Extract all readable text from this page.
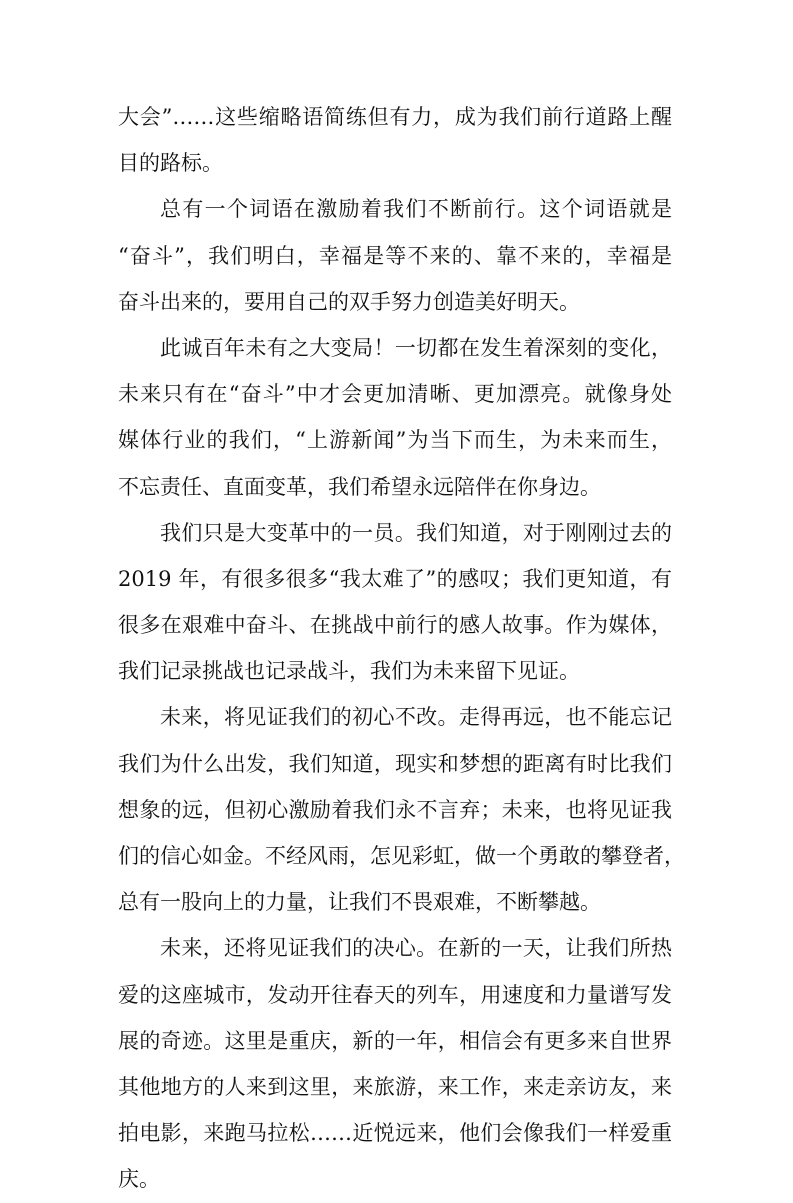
大会”……这些缩略语简练但有力，成为我们前行道路上醒
目的路标。
总有一个词语在激励着我们不断前行。这个词语就是
“奋斗”，我们明白，幸福是等不来的、靠不来的，幸福是
奋斗出来的，要用自己的双手努力创造美好明天。
此诚百年未有之大变局！一切都在发生着深刻的变化，
未来只有在“奋斗”中才会更加清晰、更加漂亮。就像身处
媒体行业的我们，“上游新闻”为当下而生，为未来而生，
不忘责任、直面变革，我们希望永远陪伴在你身边。
我们只是大变革中的一员。我们知道，对于刚刚过去的
2019 年，有很多很多“我太难了”的感叹；我们更知道，有
很多在艰难中奋斗、在挑战中前行的感人故事。作为媒体，
我们记录挑战也记录战斗，我们为未来留下见证。
未来，将见证我们的初心不改。走得再远，也不能忘记
我们为什么出发，我们知道，现实和梦想的距离有时比我们
想象的远，但初心激励着我们永不言弃；未来，也将见证我
们的信心如金。不经风雨，怎见彩虹，做一个勇敢的攀登者，
总有一股向上的力量，让我们不畏艰难，不断攀越。
未来，还将见证我们的决心。在新的一天，让我们所热
爱的这座城市，发动开往春天的列车，用速度和力量谱写发
展的奇迹。这里是重庆，新的一年，相信会有更多来自世界
其他地方的人来到这里，来旅游，来工作，来走亲访友，来
拍电影，来跑马拉松……近悦远来，他们会像我们一样爱重
庆。
